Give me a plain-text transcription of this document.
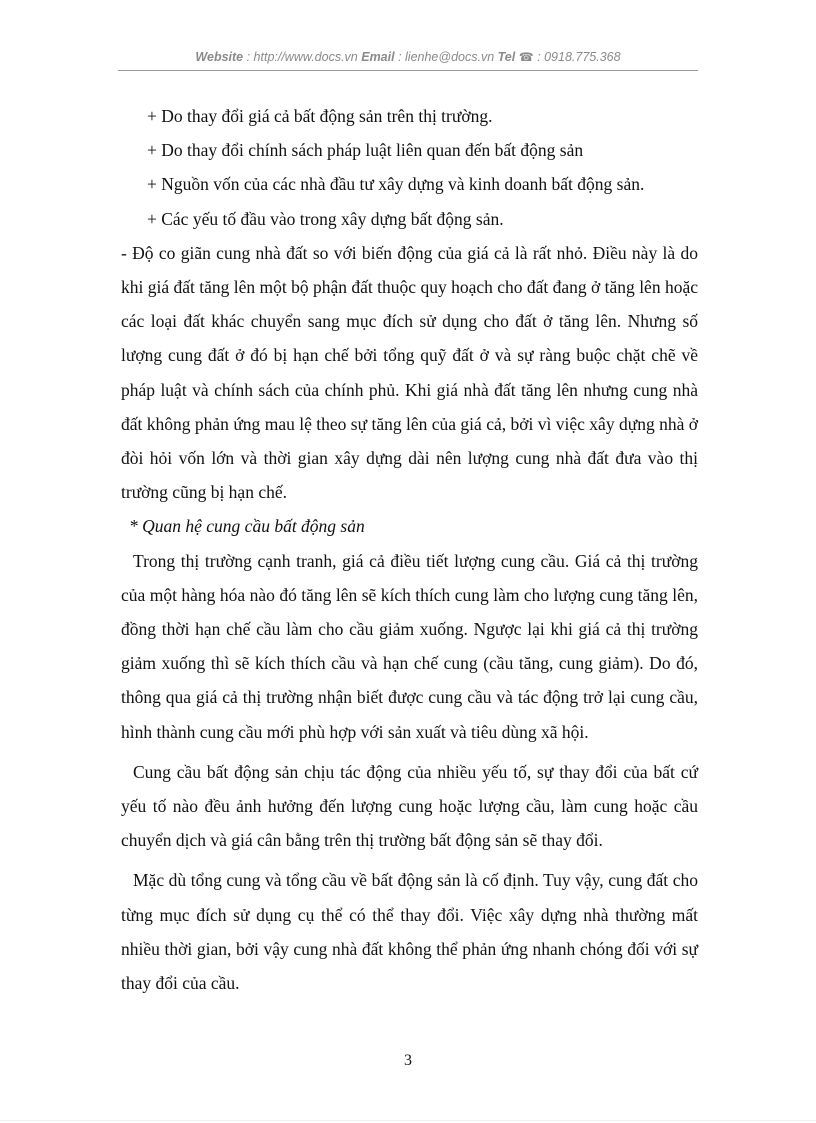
Website : http://www.docs.vn Email : lienhe@docs.vn Tel ☎ : 0918.775.368

+ Do thay đổi giá cả bất động sản trên thị trường.

+ Do thay đổi chính sách pháp luật liên quan đến bất động sản

+ Nguồn vốn của các nhà đầu tư xây dựng và kinh doanh bất động sản.

+ Các yếu tố đầu vào trong xây dựng bất động sản.

- Độ co giãn cung nhà đất so với biến động của giá cả là rất nhỏ. Điều này là do khi giá đất tăng lên một bộ phận đất thuộc quy hoạch cho đất đang ở tăng lên hoặc các loại đất khác chuyển sang mục đích sử dụng cho đất ở tăng lên. Nhưng số lượng cung đất ở đó bị hạn chế bởi tổng quỹ đất ở và sự ràng buộc chặt chẽ về pháp luật và chính sách của chính phủ. Khi giá nhà đất tăng lên nhưng cung nhà đất không phản ứng mau lệ theo sự tăng lên của giá cả, bởi vì việc xây dựng nhà ở đòi hỏi vốn lớn và thời gian xây dựng dài nên lượng cung nhà đất đưa vào thị trường cũng bị hạn chế.

* Quan hệ cung cầu bất động sản

Trong thị trường cạnh tranh, giá cả điều tiết lượng cung cầu. Giá cả thị trường của một hàng hóa nào đó tăng lên sẽ kích thích cung làm cho lượng cung tăng lên, đồng thời hạn chế cầu làm cho cầu giảm xuống. Ngược lại khi giá cả thị trường giảm xuống thì sẽ kích thích cầu và hạn chế cung (cầu tăng, cung giảm). Do đó, thông qua giá cả thị trường nhận biết được cung cầu và tác động trở lại cung cầu, hình thành cung cầu mới phù hợp với sản xuất và tiêu dùng xã hội.

Cung cầu bất động sản chịu tác động của nhiều yếu tố, sự thay đổi của bất cứ yếu tố nào đều ảnh hưởng đến lượng cung hoặc lượng cầu, làm cung hoặc cầu chuyển dịch và giá cân bằng trên thị trường bất động sản sẽ thay đổi.

Mặc dù tổng cung và tổng cầu về bất động sản là cố định. Tuy vậy, cung đất cho từng mục đích sử dụng cụ thể có thể thay đổi. Việc xây dựng nhà thường mất nhiều thời gian, bởi vậy cung nhà đất không thể phản ứng nhanh chóng đối với sự thay đổi của cầu.

3
